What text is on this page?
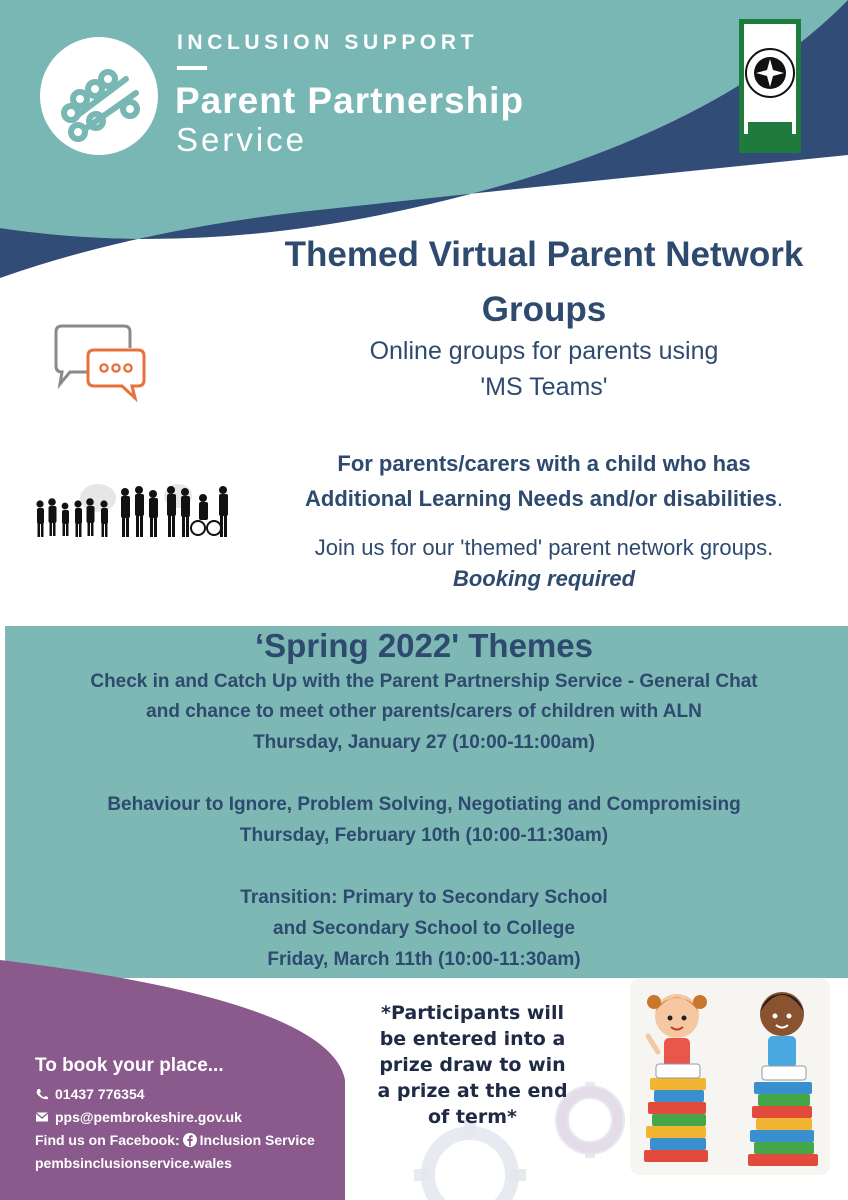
INCLUSION SUPPORT
Parent Partnership
Service
Themed Virtual Parent Network Groups
Online groups for parents using
'MS Teams'
For parents/carers with a child who has
Additional Learning Needs and/or disabilities.
Join us for our 'themed' parent network groups.
Booking required
‘Spring 2022' Themes
Check in and Catch Up with the Parent Partnership Service - General Chat
and chance to meet other parents/carers of children with ALN
Thursday, January 27 (10:00-11:00am)
Behaviour to Ignore, Problem Solving, Negotiating and Compromising
Thursday, February 10th (10:00-11:30am)
Transition: Primary to Secondary School
and Secondary School to College
Friday, March 11th (10:00-11:30am)
To book your place...
01437 776354
pps@pembrokeshire.gov.uk
Find us on Facebook: Inclusion Service
pembsinclusionservice.wales
*Participants will
be entered into a
prize draw to win
a prize at the end
of term*
